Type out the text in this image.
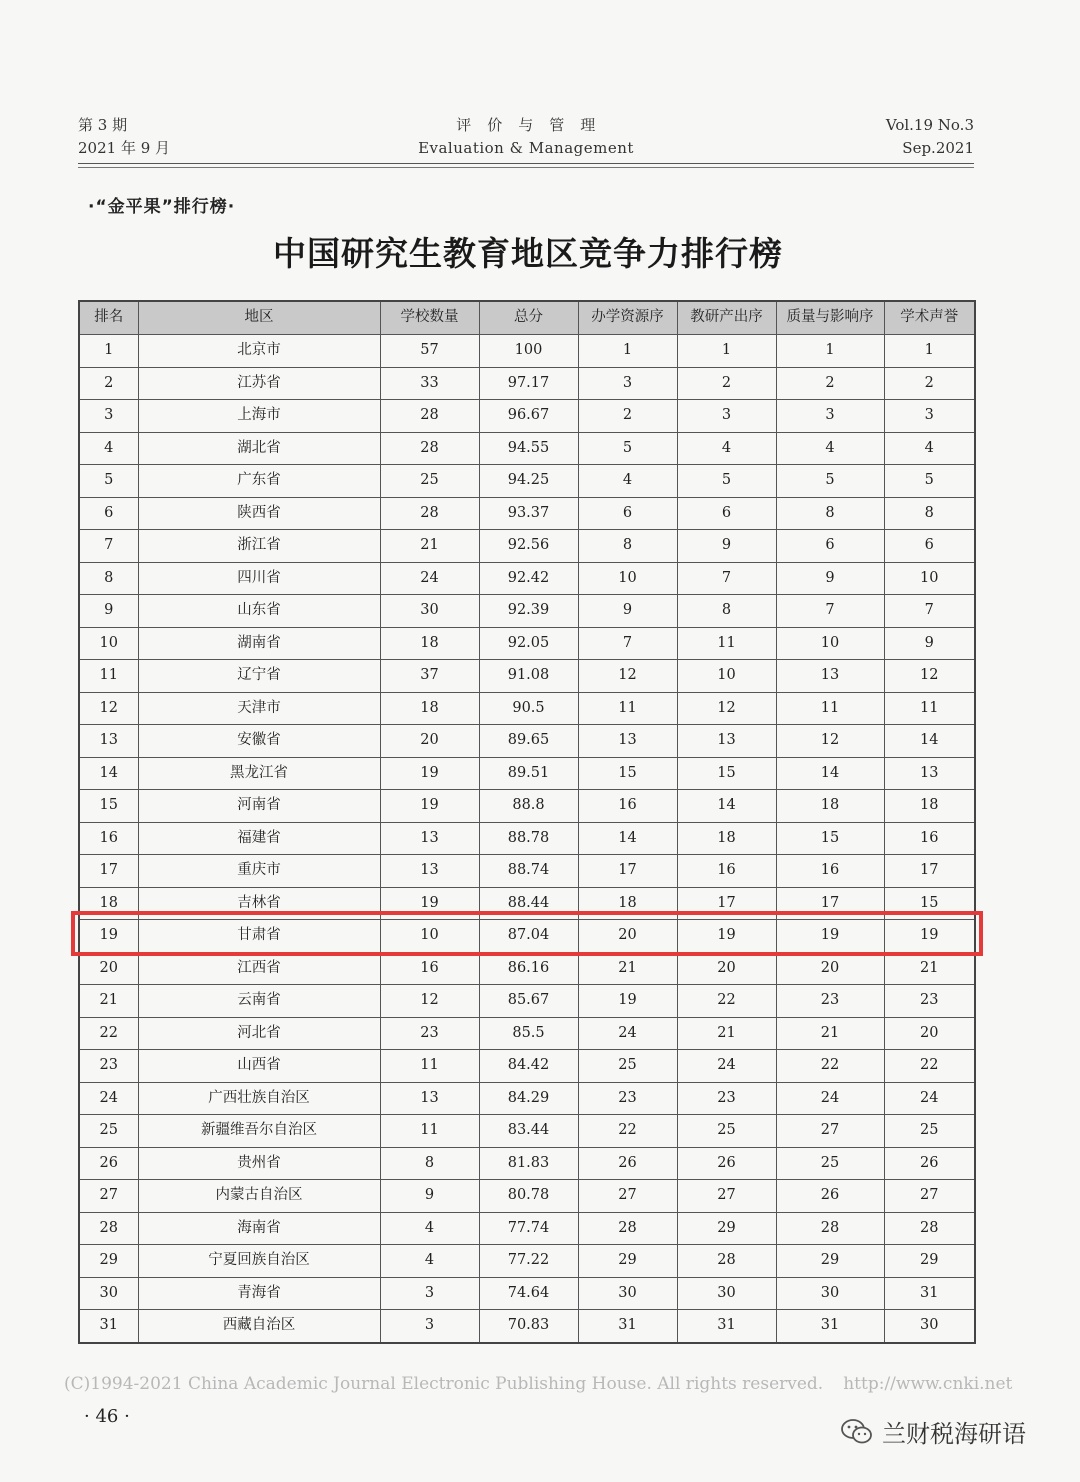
第 3 期
2021 年 9 月
评　价　与　管　理
Evaluation & Management
Vol.19 No.3
Sep.2021
·“金平果”排行榜·
中国研究生教育地区竞争力排行榜
排名	地区	学校数量	总分	办学资源序	教研产出序	质量与影响序	学术声誉
1	北京市	57	100	1	1	1	1
2	江苏省	33	97.17	3	2	2	2
3	上海市	28	96.67	2	3	3	3
4	湖北省	28	94.55	5	4	4	4
5	广东省	25	94.25	4	5	5	5
6	陕西省	28	93.37	6	6	8	8
7	浙江省	21	92.56	8	9	6	6
8	四川省	24	92.42	10	7	9	10
9	山东省	30	92.39	9	8	7	7
10	湖南省	18	92.05	7	11	10	9
11	辽宁省	37	91.08	12	10	13	12
12	天津市	18	90.5	11	12	11	11
13	安徽省	20	89.65	13	13	12	14
14	黑龙江省	19	89.51	15	15	14	13
15	河南省	19	88.8	16	14	18	18
16	福建省	13	88.78	14	18	15	16
17	重庆市	13	88.74	17	16	16	17
18	吉林省	19	88.44	18	17	17	15
19	甘肃省	10	87.04	20	19	19	19
20	江西省	16	86.16	21	20	20	21
21	云南省	12	85.67	19	22	23	23
22	河北省	23	85.5	24	21	21	20
23	山西省	11	84.42	25	24	22	22
24	广西壮族自治区	13	84.29	23	23	24	24
25	新疆维吾尔自治区	11	83.44	22	25	27	25
26	贵州省	8	81.83	26	26	25	26
27	内蒙古自治区	9	80.78	27	27	26	27
28	海南省	4	77.74	28	29	28	28
29	宁夏回族自治区	4	77.22	29	28	29	29
30	青海省	3	74.64	30	30	30	31
31	西藏自治区	3	70.83	31	31	31	30
(C)1994-2021 China Academic Journal Electronic Publishing House. All rights reserved. http://www.cnki.net
· 46 ·
兰财税海研语
